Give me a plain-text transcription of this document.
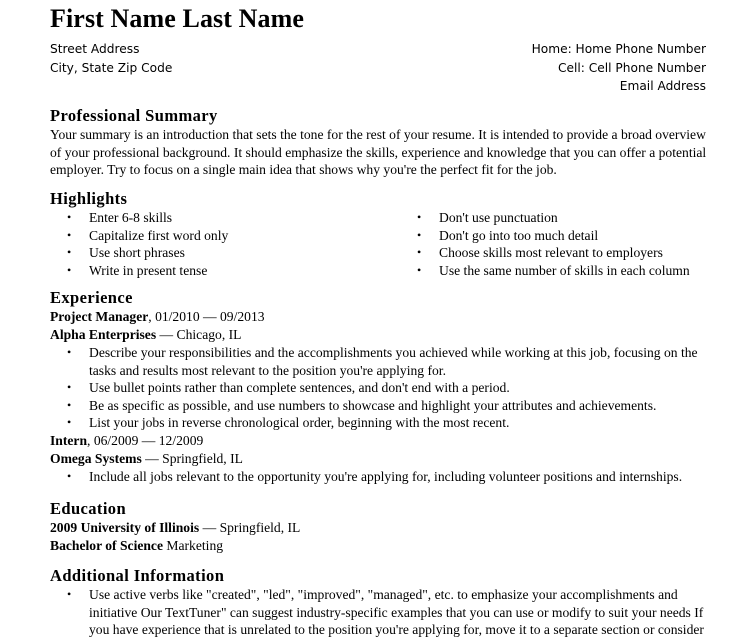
First Name Last Name
Street Address
City, State Zip Code
Home: Home Phone Number
Cell: Cell Phone Number
Email Address
Professional Summary
Your summary is an introduction that sets the tone for the rest of your resume. It is intended to provide a broad overview of your professional background. It should emphasize the skills, experience and knowledge that you can offer a potential employer. Try to focus on a single main idea that shows why you're the perfect fit for the job.
Highlights
• Enter 6-8 skills
• Capitalize first word only
• Use short phrases
• Write in present tense
• Don't use punctuation
• Don't go into too much detail
• Choose skills most relevant to employers
• Use the same number of skills in each column
Experience
Project Manager, 01/2010 — 09/2013
Alpha Enterprises — Chicago, IL
• Describe your responsibilities and the accomplishments you achieved while working at this job, focusing on the tasks and results most relevant to the position you're applying for.
• Use bullet points rather than complete sentences, and don't end with a period.
• Be as specific as possible, and use numbers to showcase and highlight your attributes and achievements.
• List your jobs in reverse chronological order, beginning with the most recent.
Intern, 06/2009 — 12/2009
Omega Systems — Springfield, IL
• Include all jobs relevant to the opportunity you're applying for, including volunteer positions and internships.
Education
2009 University of Illinois — Springfield, IL
Bachelor of Science Marketing
Additional Information
• Use active verbs like "created", "led", "improved", "managed", etc. to emphasize your accomplishments and initiative Our TextTuner" can suggest industry-specific examples that you can use or modify to suit your needs If you have experience that is unrelated to the position you're applying for, move it to a separate section or consider
